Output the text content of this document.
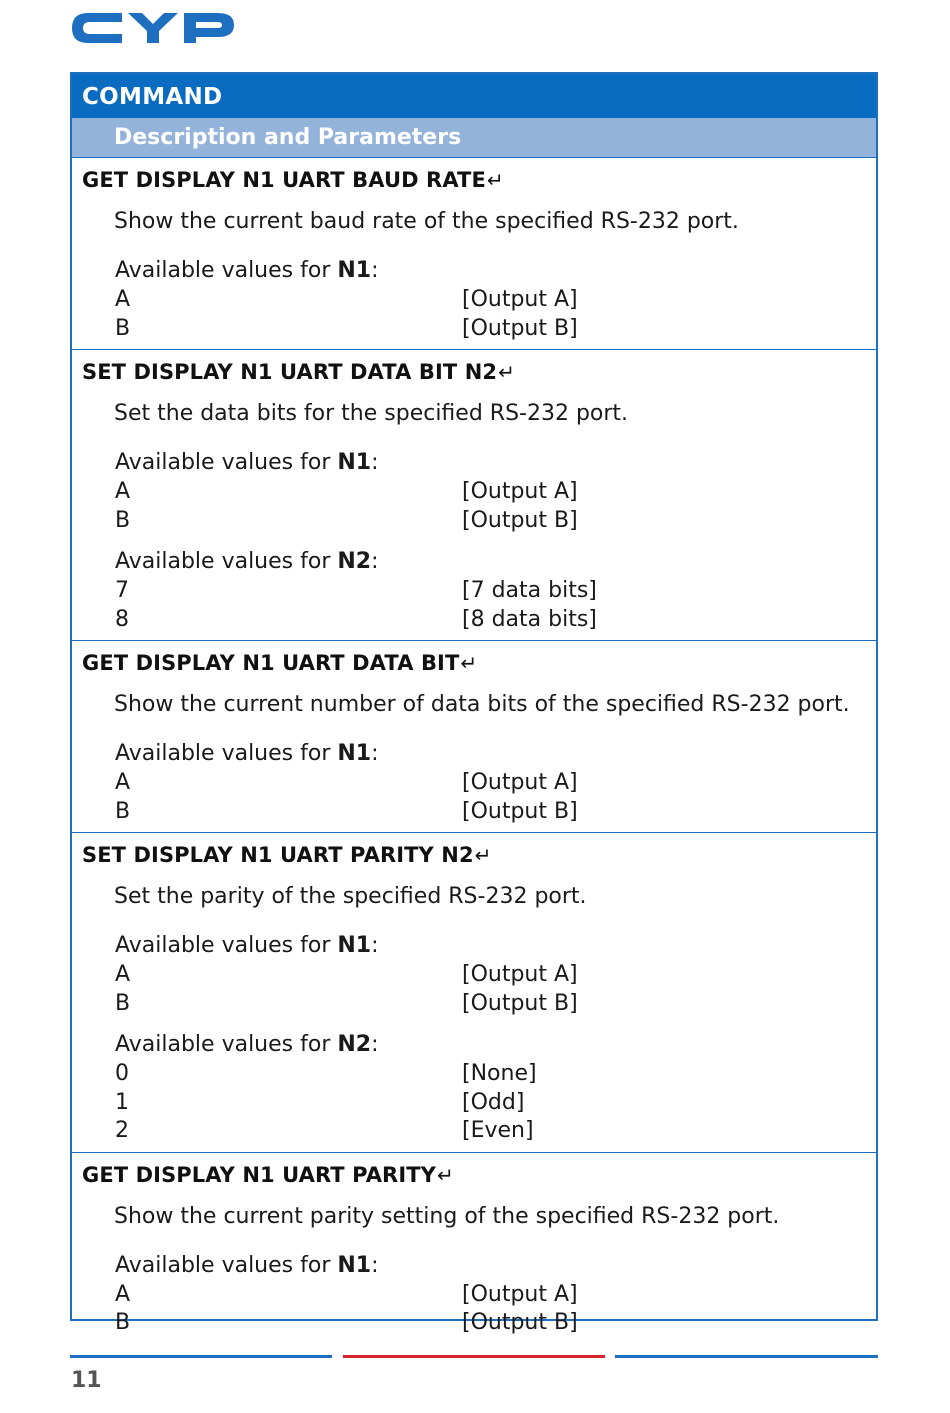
COMMAND
Description and Parameters
GET DISPLAY N1 UART BAUD RATE↵
Show the current baud rate of the specified RS-232 port.
Available values for N1:
A	[Output A]
B	[Output B]
SET DISPLAY N1 UART DATA BIT N2↵
Set the data bits for the specified RS-232 port.
Available values for N1:
A	[Output A]
B	[Output B]
Available values for N2:
7	[7 data bits]
8	[8 data bits]
GET DISPLAY N1 UART DATA BIT↵
Show the current number of data bits of the specified RS-232 port.
Available values for N1:
A	[Output A]
B	[Output B]
SET DISPLAY N1 UART PARITY N2↵
Set the parity of the specified RS-232 port.
Available values for N1:
A	[Output A]
B	[Output B]
Available values for N2:
0	[None]
1	[Odd]
2	[Even]
GET DISPLAY N1 UART PARITY↵
Show the current parity setting of the specified RS-232 port.
Available values for N1:
A	[Output A]
B	[Output B]
11
